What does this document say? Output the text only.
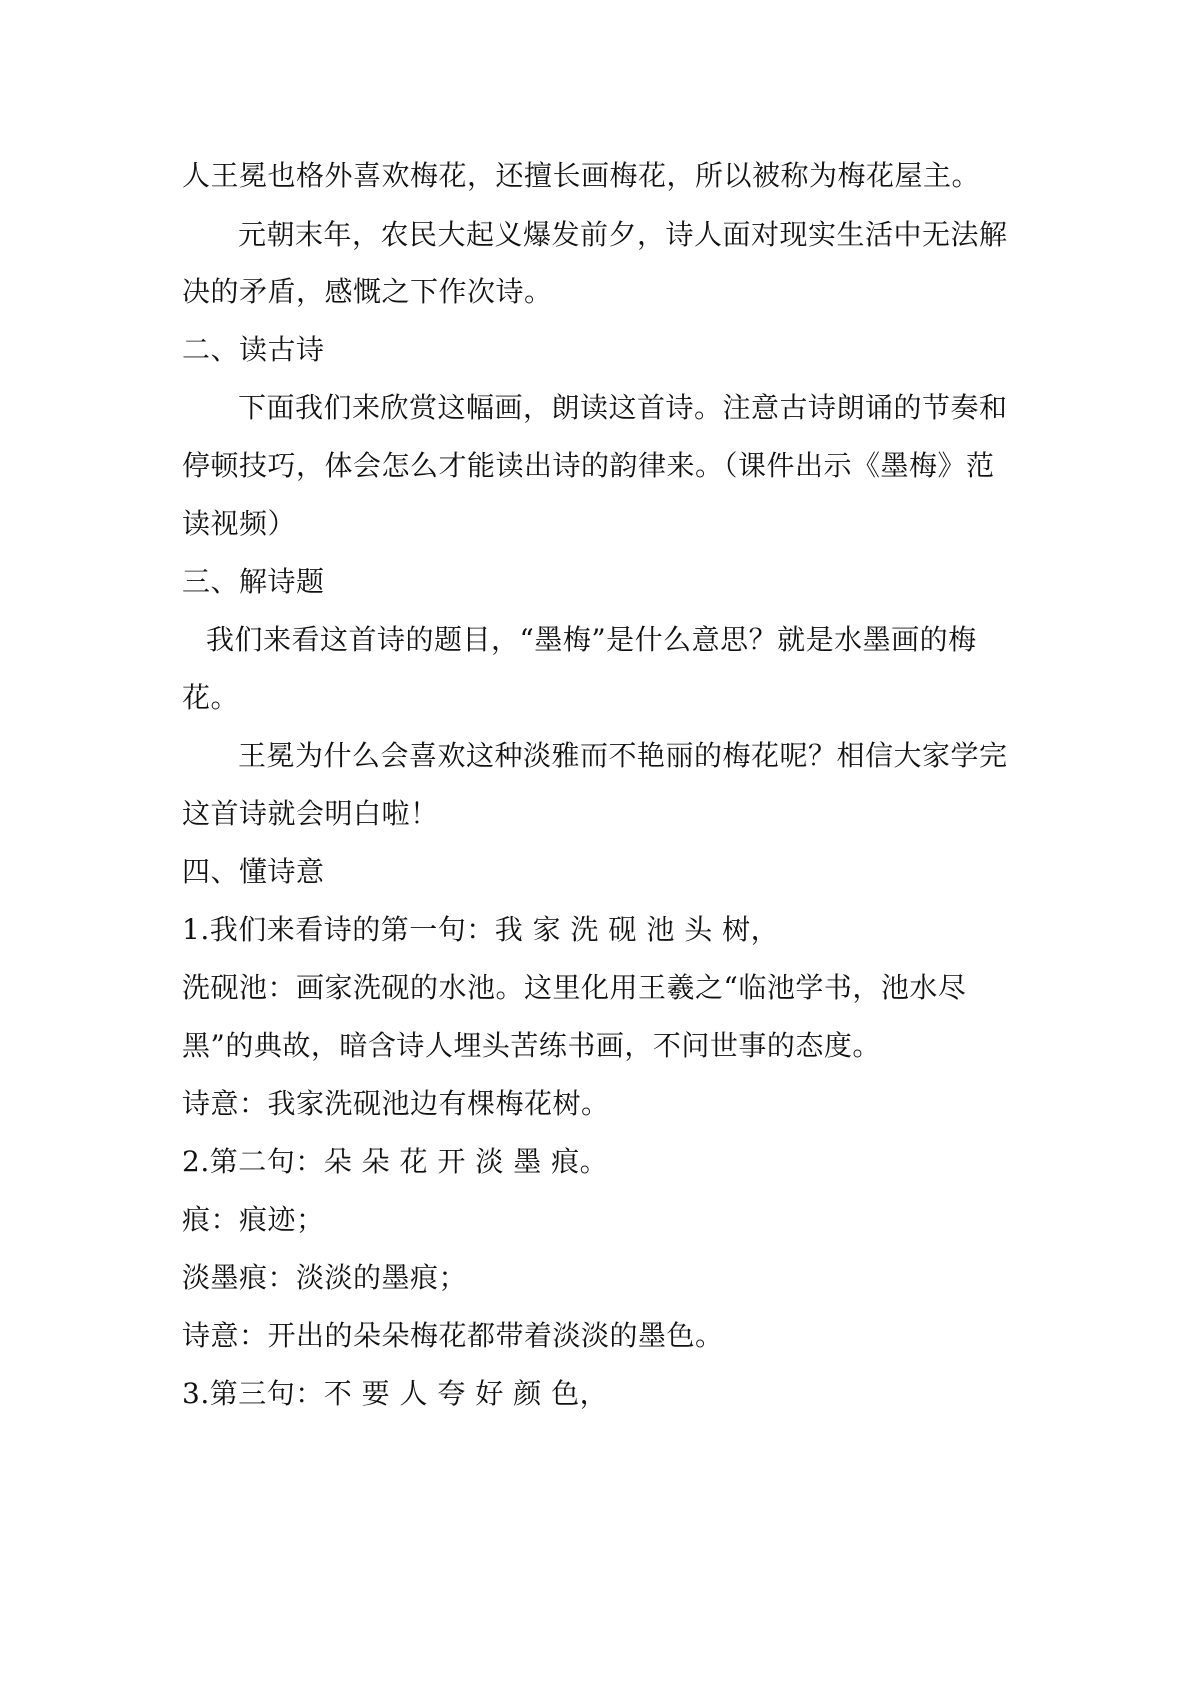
人王冕也格外喜欢梅花，还擅长画梅花，所以被称为梅花屋主。
元朝末年，农民大起义爆发前夕，诗人面对现实生活中无法解
决的矛盾，感慨之下作次诗。
二、读古诗
下面我们来欣赏这幅画，朗读这首诗。注意古诗朗诵的节奏和
停顿技巧，体会怎么才能读出诗的韵律来。（课件出示《墨梅》范
读视频）
三、解诗题
我们来看这首诗的题目，“墨梅”是什么意思？就是水墨画的梅
花。
王冕为什么会喜欢这种淡雅而不艳丽的梅花呢？相信大家学完
这首诗就会明白啦！
四、懂诗意
1.我们来看诗的第一句：我 家 洗 砚 池 头 树，
洗砚池：画家洗砚的水池。这里化用王羲之“临池学书，池水尽
黑”的典故，暗含诗人埋头苦练书画，不问世事的态度。
诗意：我家洗砚池边有棵梅花树。
2.第二句：朵 朵 花 开 淡 墨 痕。
痕：痕迹；
淡墨痕：淡淡的墨痕；
诗意：开出的朵朵梅花都带着淡淡的墨色。
3.第三句：不 要 人 夸 好 颜 色，
